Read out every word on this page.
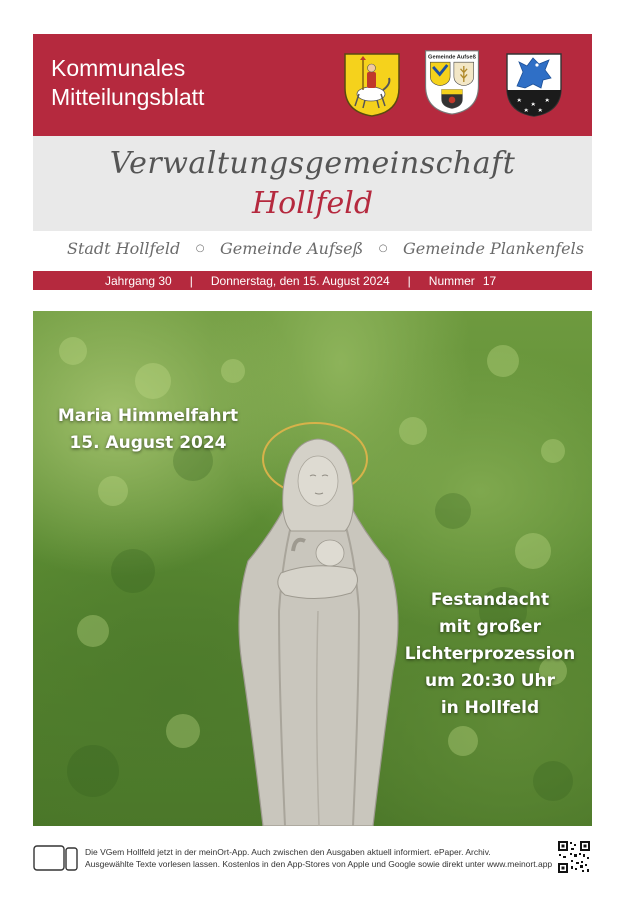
Kommunales
Mitteilungsblatt
Gemeinde Aufseß
Verwaltungsgemeinschaft
Hollfeld
Stadt Hollfeld ○ Gemeinde Aufseß ○ Gemeinde Plankenfels
Jahrgang 30 | Donnerstag, den 15. August 2024 | Nummer 17
Maria Himmelfahrt
15. August 2024
Festandacht
mit großer
Lichterprozession
um 20:30 Uhr
in Hollfeld
Die VGem Hollfeld jetzt in der meinOrt-App. Auch zwischen den Ausgaben aktuell informiert. ePaper. Archiv.
Ausgewählte Texte vorlesen lassen. Kostenlos in den App-Stores von Apple und Google sowie direkt unter www.meinort.app
